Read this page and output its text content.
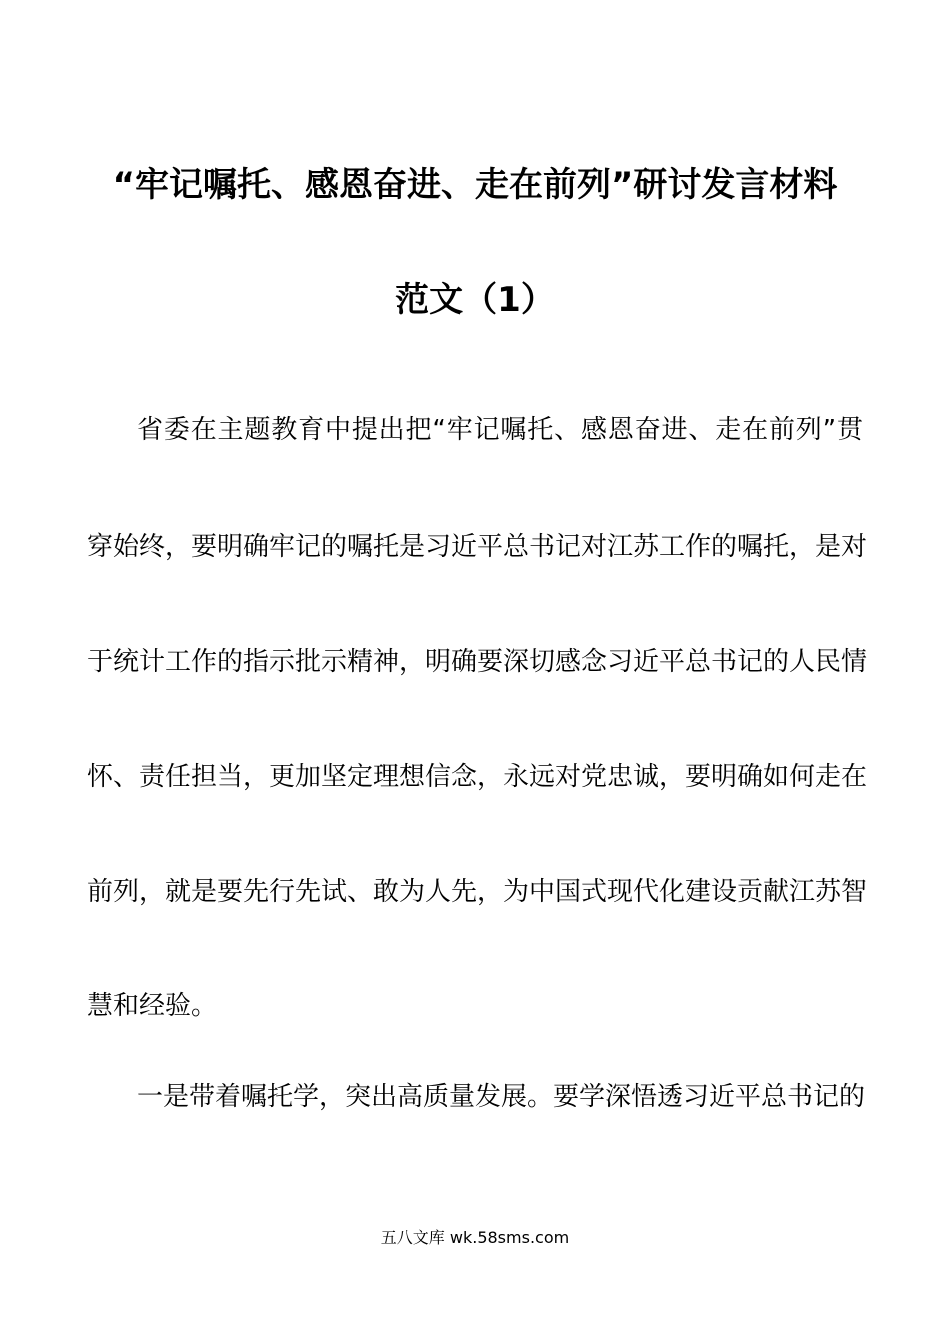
“牢记嘱托、感恩奋进、走在前列”研讨发言材料
范文（1）
省委在主题教育中提出把“牢记嘱托、感恩奋进、走在前列”贯
穿始终，要明确牢记的嘱托是习近平总书记对江苏工作的嘱托，是对
于统计工作的指示批示精神，明确要深切感念习近平总书记的人民情
怀、责任担当，更加坚定理想信念，永远对党忠诚，要明确如何走在
前列，就是要先行先试、敢为人先，为中国式现代化建设贡献江苏智
慧和经验。
一是带着嘱托学，突出高质量发展。要学深悟透习近平总书记的
五八文库 wk.58sms.com
